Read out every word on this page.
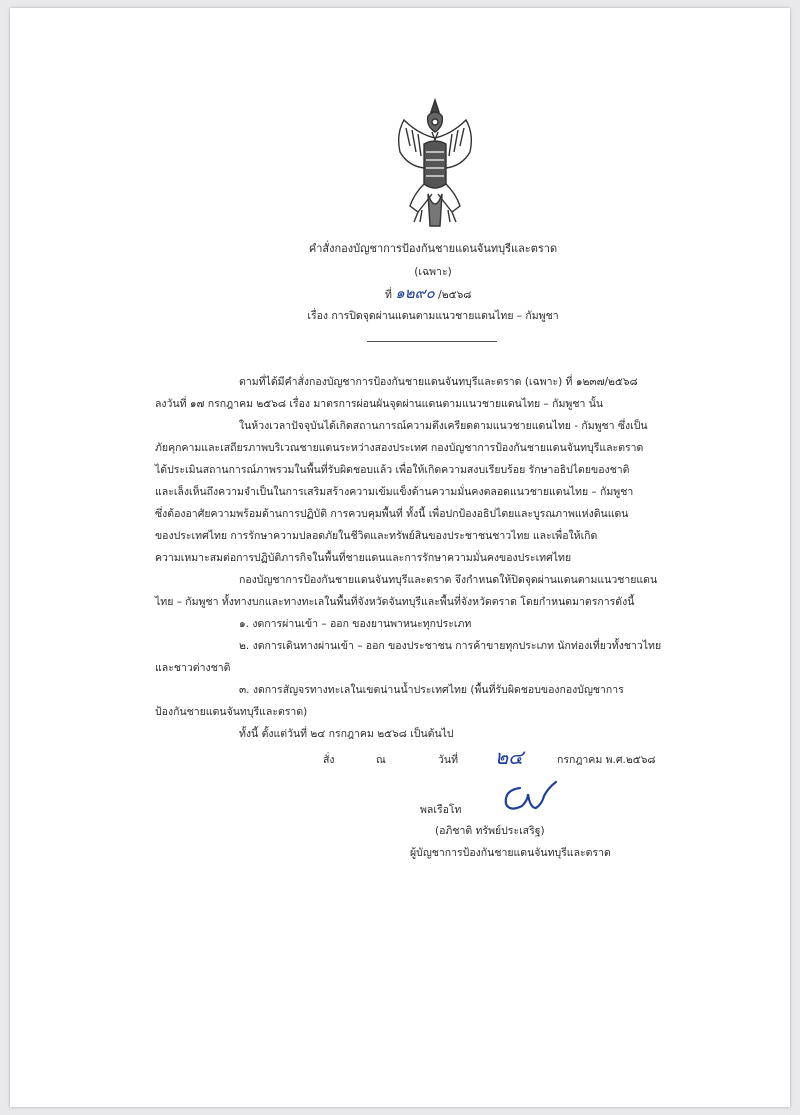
คำสั่งกองบัญชาการป้องกันชายแดนจันทบุรีและตราด
(เฉพาะ)
ที่ ๑๒๙๐ /๒๕๖๘
เรื่อง การปิดจุดผ่านแดนตามแนวชายแดนไทย – กัมพูชา
ตามที่ได้มีคำสั่งกองบัญชาการป้องกันชายแดนจันทบุรีและตราด (เฉพาะ) ที่ ๑๒๓๗/๒๕๖๘
ลงวันที่ ๑๗ กรกฎาคม ๒๕๖๘ เรื่อง มาตรการผ่อนผันจุดผ่านแดนตามแนวชายแดนไทย – กัมพูชา นั้น
ในห้วงเวลาปัจจุบันได้เกิดสถานการณ์ความตึงเครียดตามแนวชายแดนไทย - กัมพูชา ซึ่งเป็น
ภัยคุกคามและเสถียรภาพบริเวณชายแดนระหว่างสองประเทศ กองบัญชาการป้องกันชายแดนจันทบุรีและตราด
ได้ประเมินสถานการณ์ภาพรวมในพื้นที่รับผิดชอบแล้ว เพื่อให้เกิดความสงบเรียบร้อย รักษาอธิปไตยของชาติ
และเล็งเห็นถึงความจำเป็นในการเสริมสร้างความเข้มแข็งด้านความมั่นคงตลอดแนวชายแดนไทย – กัมพูชา
ซึ่งต้องอาศัยความพร้อมด้านการปฏิบัติ การควบคุมพื้นที่ ทั้งนี้ เพื่อปกป้องอธิปไตยและบูรณภาพแห่งดินแดน
ของประเทศไทย การรักษาความปลอดภัยในชีวิตและทรัพย์สินของประชาชนชาวไทย และเพื่อให้เกิด
ความเหมาะสมต่อการปฏิบัติภารกิจในพื้นที่ชายแดนและการรักษาความมั่นคงของประเทศไทย
กองบัญชาการป้องกันชายแดนจันทบุรีและตราด จึงกำหนดให้ปิดจุดผ่านแดนตามแนวชายแดน
ไทย – กัมพูชา ทั้งทางบกและทางทะเลในพื้นที่จังหวัดจันทบุรีและพื้นที่จังหวัดตราด โดยกำหนดมาตรการดังนี้
๑. งดการผ่านเข้า – ออก ของยานพาหนะทุกประเภท
๒. งดการเดินทางผ่านเข้า – ออก ของประชาชน การค้าขายทุกประเภท นักท่องเที่ยวทั้งชาวไทย
และชาวต่างชาติ
๓. งดการสัญจรทางทะเลในเขตน่านน้ำประเทศไทย (พื้นที่รับผิดชอบของกองบัญชาการ
ป้องกันชายแดนจันทบุรีและตราด)
ทั้งนี้ ตั้งแต่วันที่ ๒๔ กรกฎาคม ๒๕๖๘ เป็นต้นไป
สั่ง	ณ	วันที่ ๒๔	กรกฎาคม พ.ศ.๒๕๖๘
พลเรือโท
(อภิชาติ ทรัพย์ประเสริฐ)
ผู้บัญชาการป้องกันชายแดนจันทบุรีและตราด
